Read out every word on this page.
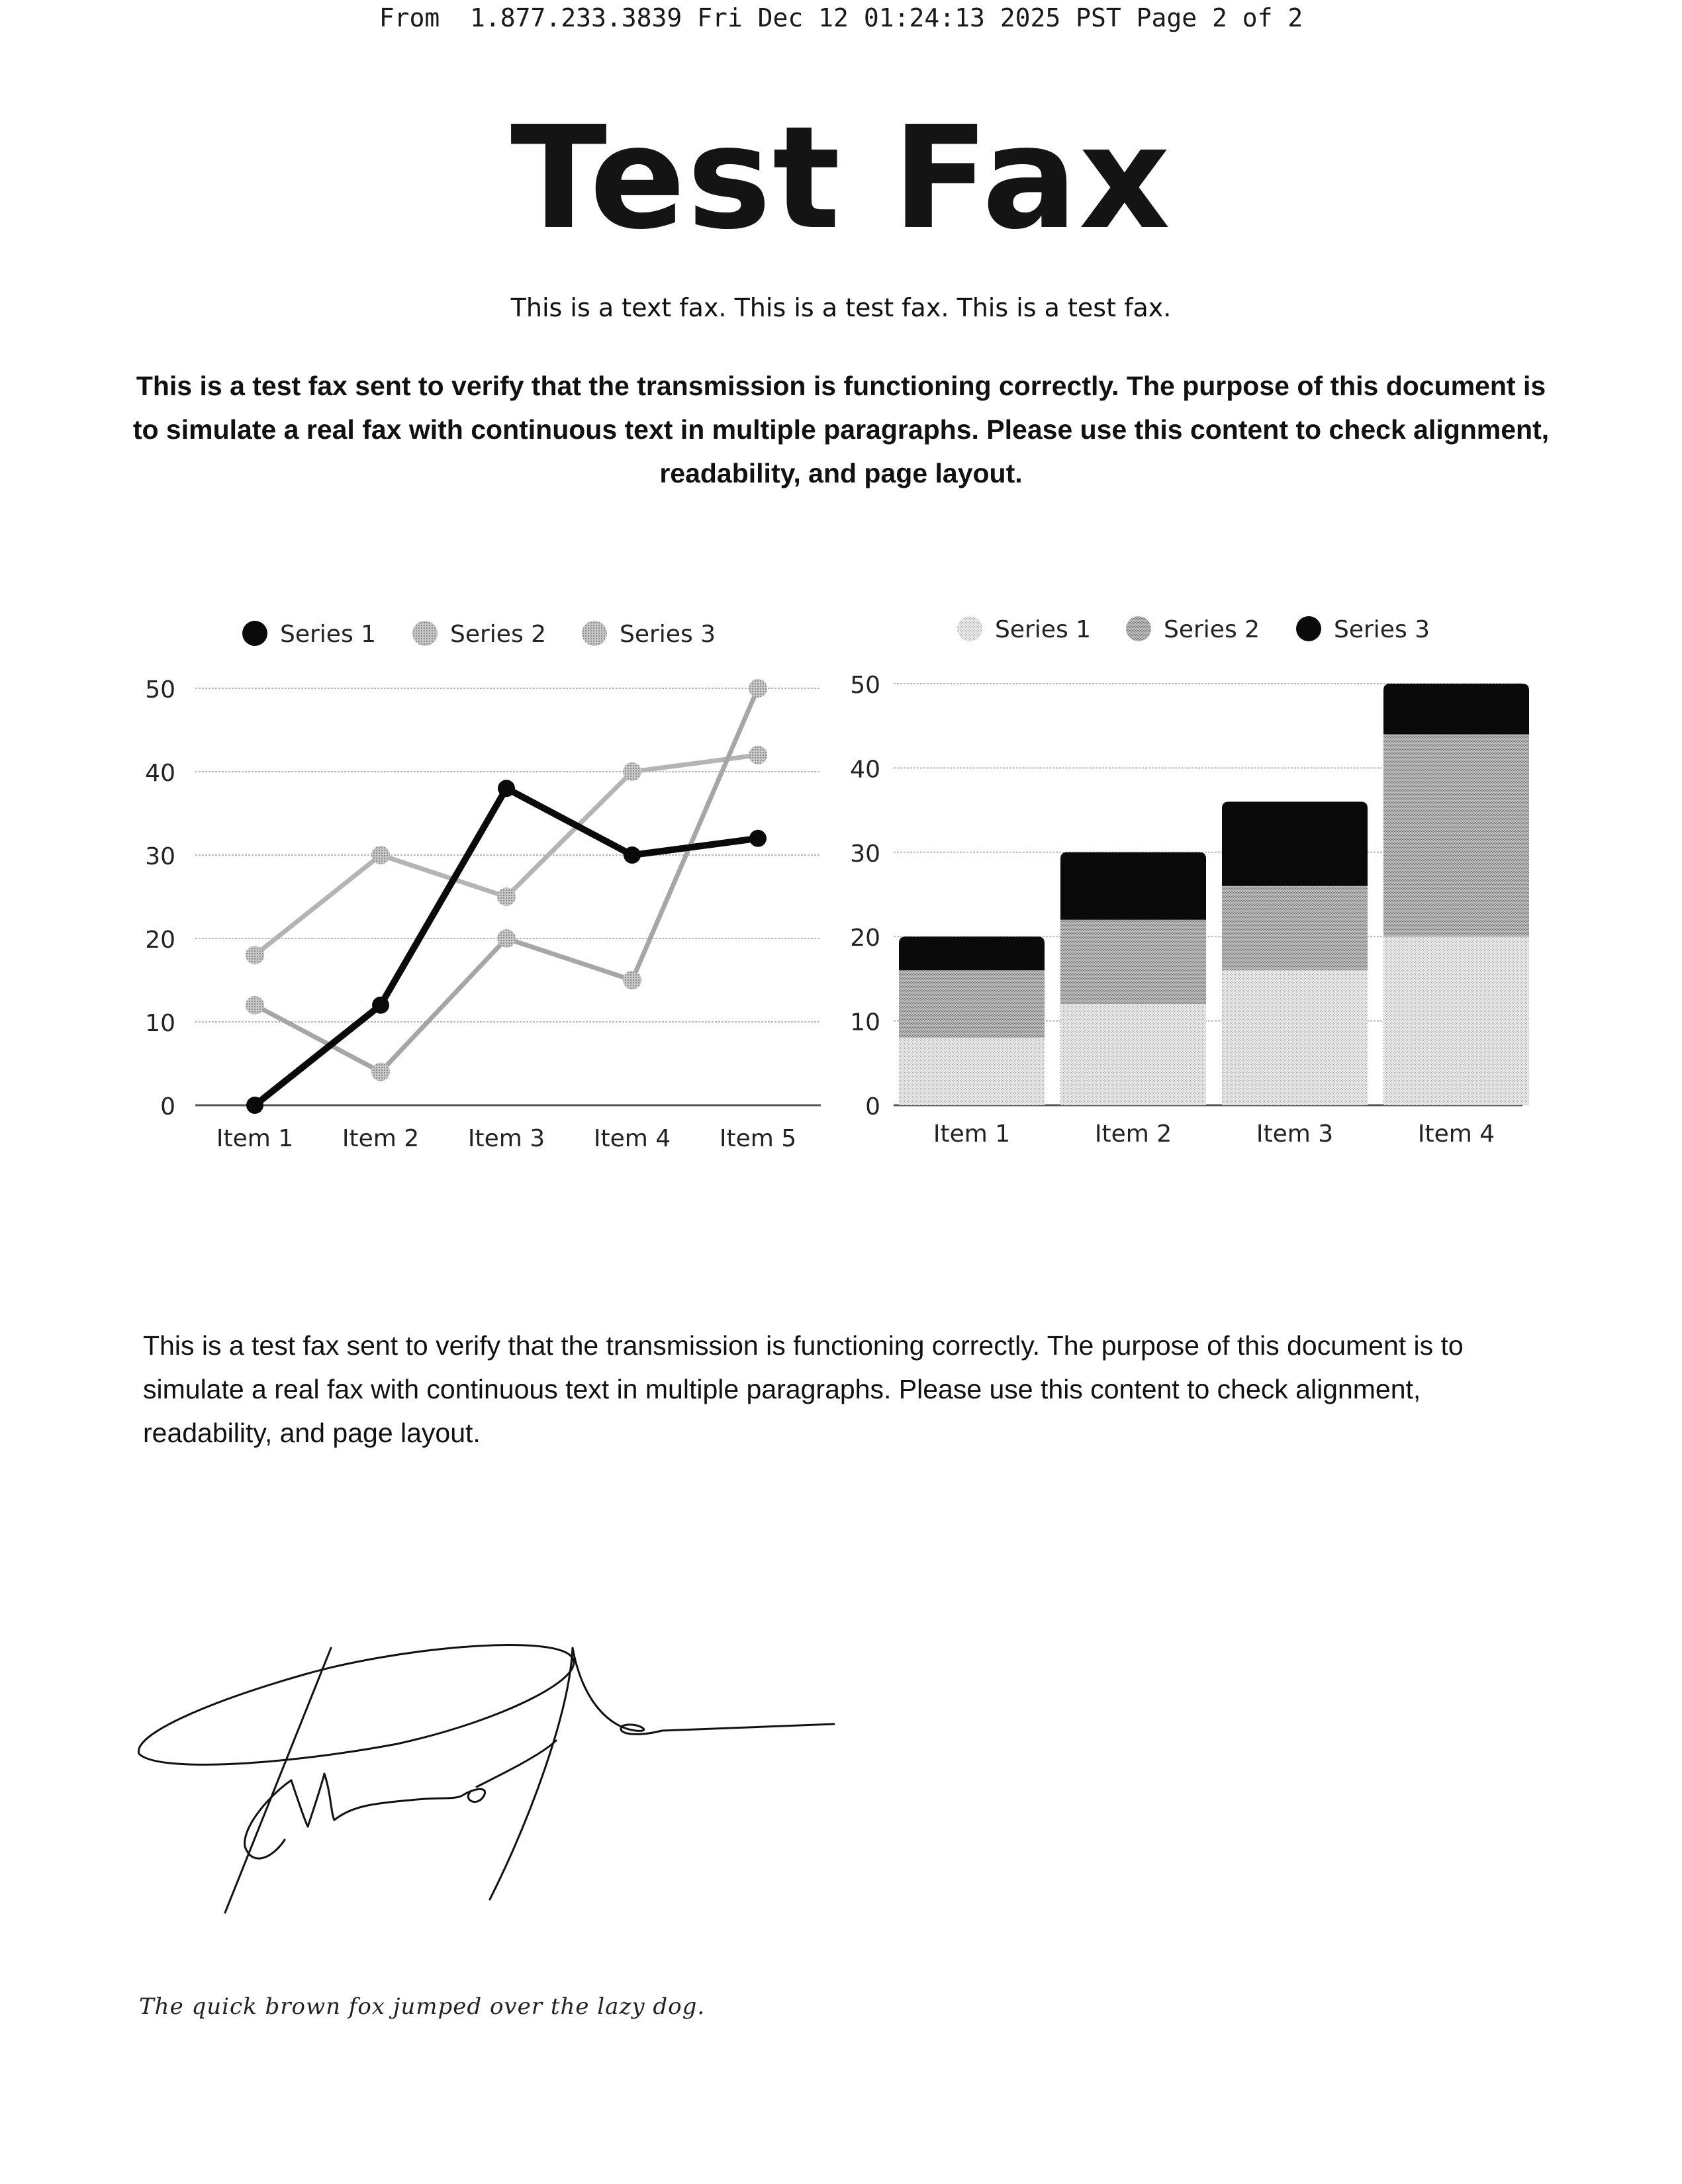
From  1.877.233.3839 Fri Dec 12 01:24:13 2025 PST Page 2 of 2
Test Fax
This is a text fax. This is a test fax. This is a test fax.
This is a test fax sent to verify that the transmission is functioning correctly. The purpose of this document is to simulate a real fax with continuous text in multiple paragraphs. Please use this content to check alignment, readability, and page layout.
Series 1	Series 2	Series 3
0
10
20
30
40
50
Item 1 Item 2 Item 3 Item 4 Item 5
Series 1	Series 2	Series 3
0
10
20
30
40
50
Item 1	Item 2	Item 3	Item 4
This is a test fax sent to verify that the transmission is functioning correctly. The purpose of this document is to simulate a real fax with continuous text in multiple paragraphs. Please use this content to check alignment, readability, and page layout.
The quick brown fox jumped over the lazy dog.
